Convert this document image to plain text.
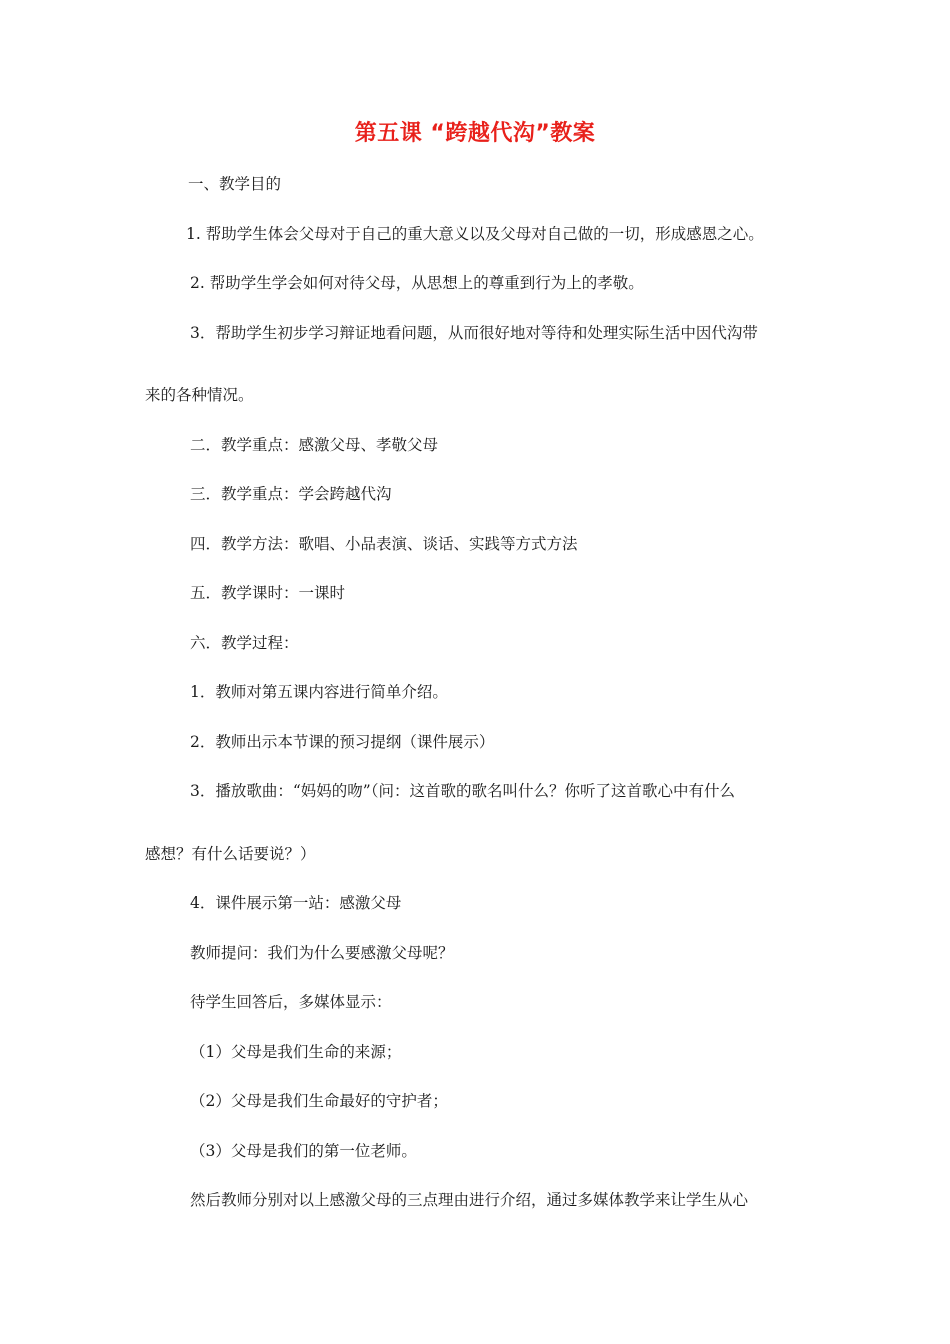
第五课 “跨越代沟”教案
一、教学目的
1. 帮助学生体会父母对于自己的重大意义以及父母对自己做的一切，形成感恩之心。
2. 帮助学生学会如何对待父母，从思想上的尊重到行为上的孝敬。
3．帮助学生初步学习辩证地看问题，从而很好地对等待和处理实际生活中因代沟带
来的各种情况。
二．教学重点：感激父母、孝敬父母
三．教学重点：学会跨越代沟
四．教学方法：歌唱、小品表演、谈话、实践等方式方法
五．教学课时：一课时
六．教学过程：
1．教师对第五课内容进行简单介绍。
2．教师出示本节课的预习提纲（课件展示）
3．播放歌曲：“妈妈的吻”（问：这首歌的歌名叫什么？你听了这首歌心中有什么
感想？有什么话要说？）
4．课件展示第一站：感激父母
教师提问：我们为什么要感激父母呢？
待学生回答后，多媒体显示：
（1）父母是我们生命的来源；
（2）父母是我们生命最好的守护者；
（3）父母是我们的第一位老师。
然后教师分别对以上感激父母的三点理由进行介绍，通过多媒体教学来让学生从心
